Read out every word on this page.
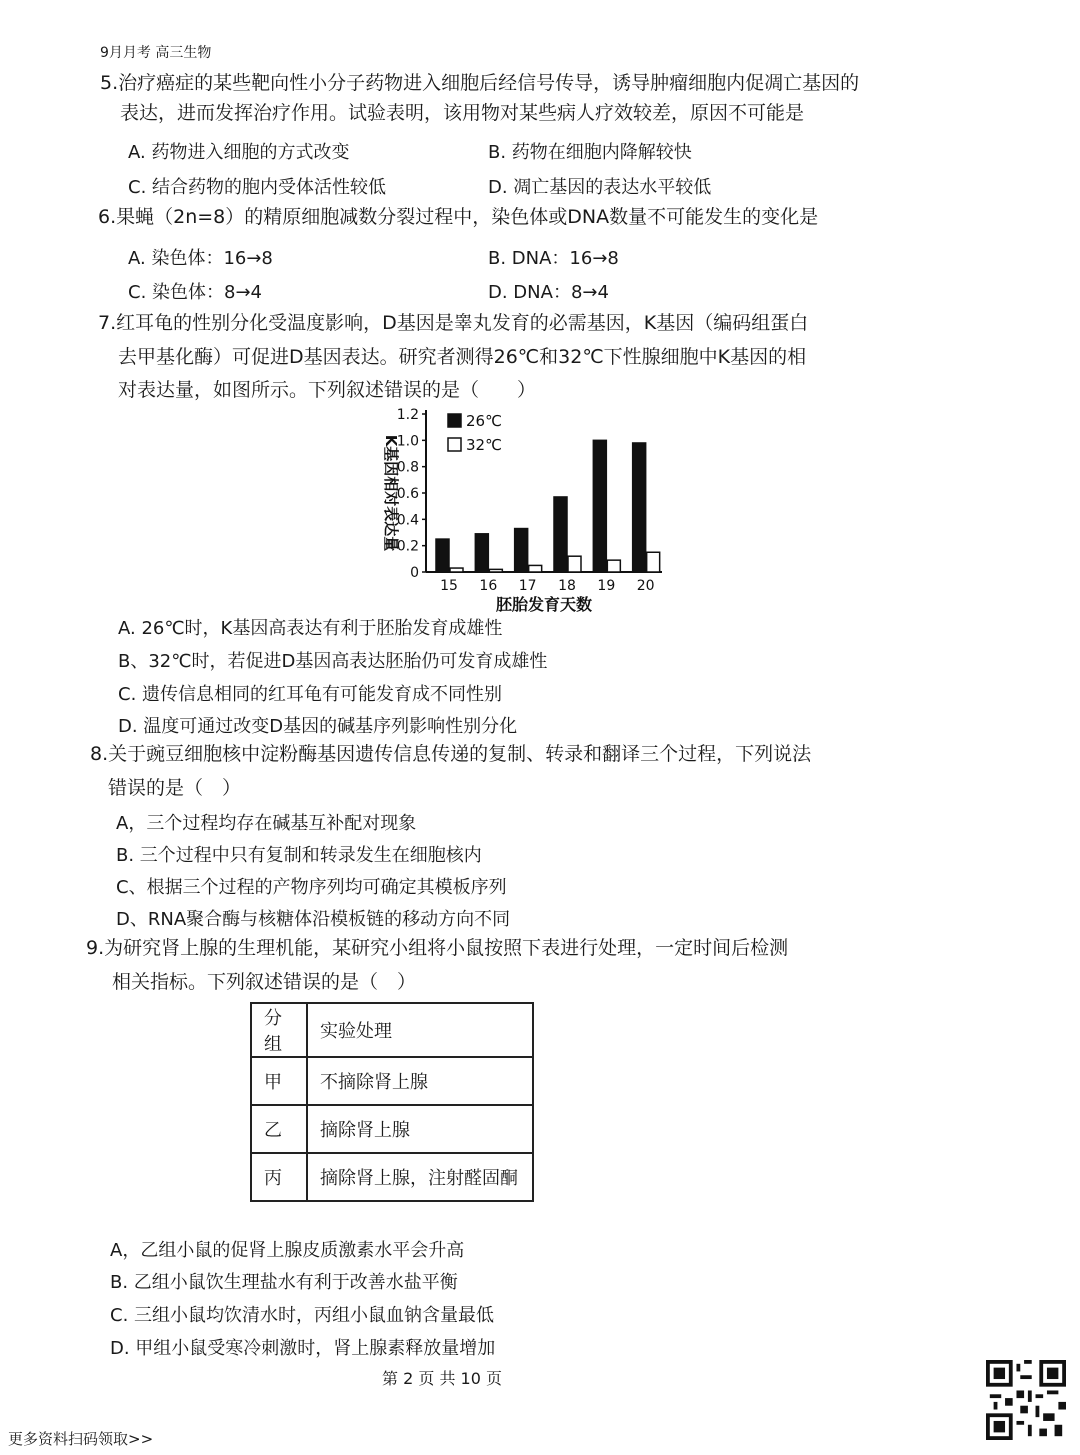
9月月考 高三生物
5.治疗癌症的某些靶向性小分子药物进入细胞后经信号传导，诱导肿瘤细胞内促凋亡基因的
表达，进而发挥治疗作用。试验表明，该用物对某些病人疗效较差，原因不可能是
A. 药物进入细胞的方式改变	B. 药物在细胞内降解较快
C. 结合药物的胞内受体活性较低	D. 凋亡基因的表达水平较低
6.果蝇（2n=8）的精原细胞减数分裂过程中，染色体或DNA数量不可能发生的变化是
A. 染色体：16→8	B. DNA：16→8
C. 染色体：8→4	D. DNA：8→4
7.红耳龟的性别分化受温度影响，D基因是睾丸发育的必需基因，K基因（编码组蛋白
去甲基化酶）可促进D基因表达。研究者测得26℃和32℃下性腺细胞中K基因的相
对表达量，如图所示。下列叙述错误的是（　　）
0
0.2
0.4
0.6
0.8
1.0
1.2
15 16 17 18 19 20
胚胎发育天数
K基因相对表达量
26℃
32℃
A. 26℃时，K基因高表达有利于胚胎发育成雄性
B、32℃时，若促进D基因高表达胚胎仍可发育成雄性
C. 遗传信息相同的红耳龟有可能发育成不同性别
D. 温度可通过改变D基因的碱基序列影响性别分化
8.关于豌豆细胞核中淀粉酶基因遗传信息传递的复制、转录和翻译三个过程，下列说法
错误的是（　）
A，三个过程均存在碱基互补配对现象
B. 三个过程中只有复制和转录发生在细胞核内
C、根据三个过程的产物序列均可确定其模板序列
D、RNA聚合酶与核糖体沿模板链的移动方向不同
9.为研究肾上腺的生理机能，某研究小组将小鼠按照下表进行处理，一定时间后检测
相关指标。下列叙述错误的是（　）
分组	实验处理
甲	不摘除肾上腺
乙	摘除肾上腺
丙	摘除肾上腺，注射醛固酮
A，乙组小鼠的促肾上腺皮质激素水平会升高
B. 乙组小鼠饮生理盐水有利于改善水盐平衡
C. 三组小鼠均饮清水时，丙组小鼠血钠含量最低
D. 甲组小鼠受寒冷刺激时，肾上腺素释放量增加
第 2 页 共 10 页
更多资料扫码领取>>
